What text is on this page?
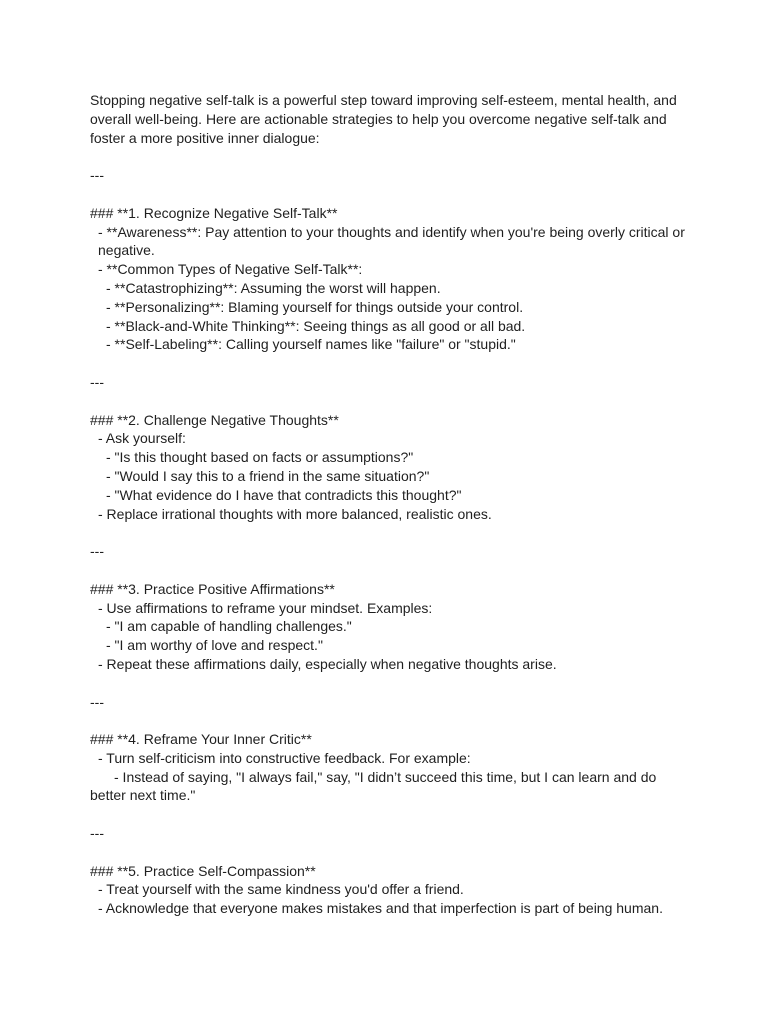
Stopping negative self-talk is a powerful step toward improving self-esteem, mental health, and overall well-being. Here are actionable strategies to help you overcome negative self-talk and foster a more positive inner dialogue:

---
### **1. Recognize Negative Self-Talk**
- **Awareness**: Pay attention to your thoughts and identify when you're being overly critical or negative.
- **Common Types of Negative Self-Talk**:
- **Catastrophizing**: Assuming the worst will happen.
- **Personalizing**: Blaming yourself for things outside your control.
- **Black-and-White Thinking**: Seeing things as all good or all bad.
- **Self-Labeling**: Calling yourself names like "failure" or "stupid."
---
### **2. Challenge Negative Thoughts**
- Ask yourself:
- "Is this thought based on facts or assumptions?"
- "Would I say this to a friend in the same situation?"
- "What evidence do I have that contradicts this thought?"
- Replace irrational thoughts with more balanced, realistic ones.
---
### **3. Practice Positive Affirmations**
- Use affirmations to reframe your mindset. Examples:
- "I am capable of handling challenges."
- "I am worthy of love and respect."
- Repeat these affirmations daily, especially when negative thoughts arise.
---
### **4. Reframe Your Inner Critic**
- Turn self-criticism into constructive feedback. For example:
- Instead of saying, "I always fail," say, "I didn’t succeed this time, but I can learn and do better next time."
---
### **5. Practice Self-Compassion**
- Treat yourself with the same kindness you'd offer a friend.
- Acknowledge that everyone makes mistakes and that imperfection is part of being human.
